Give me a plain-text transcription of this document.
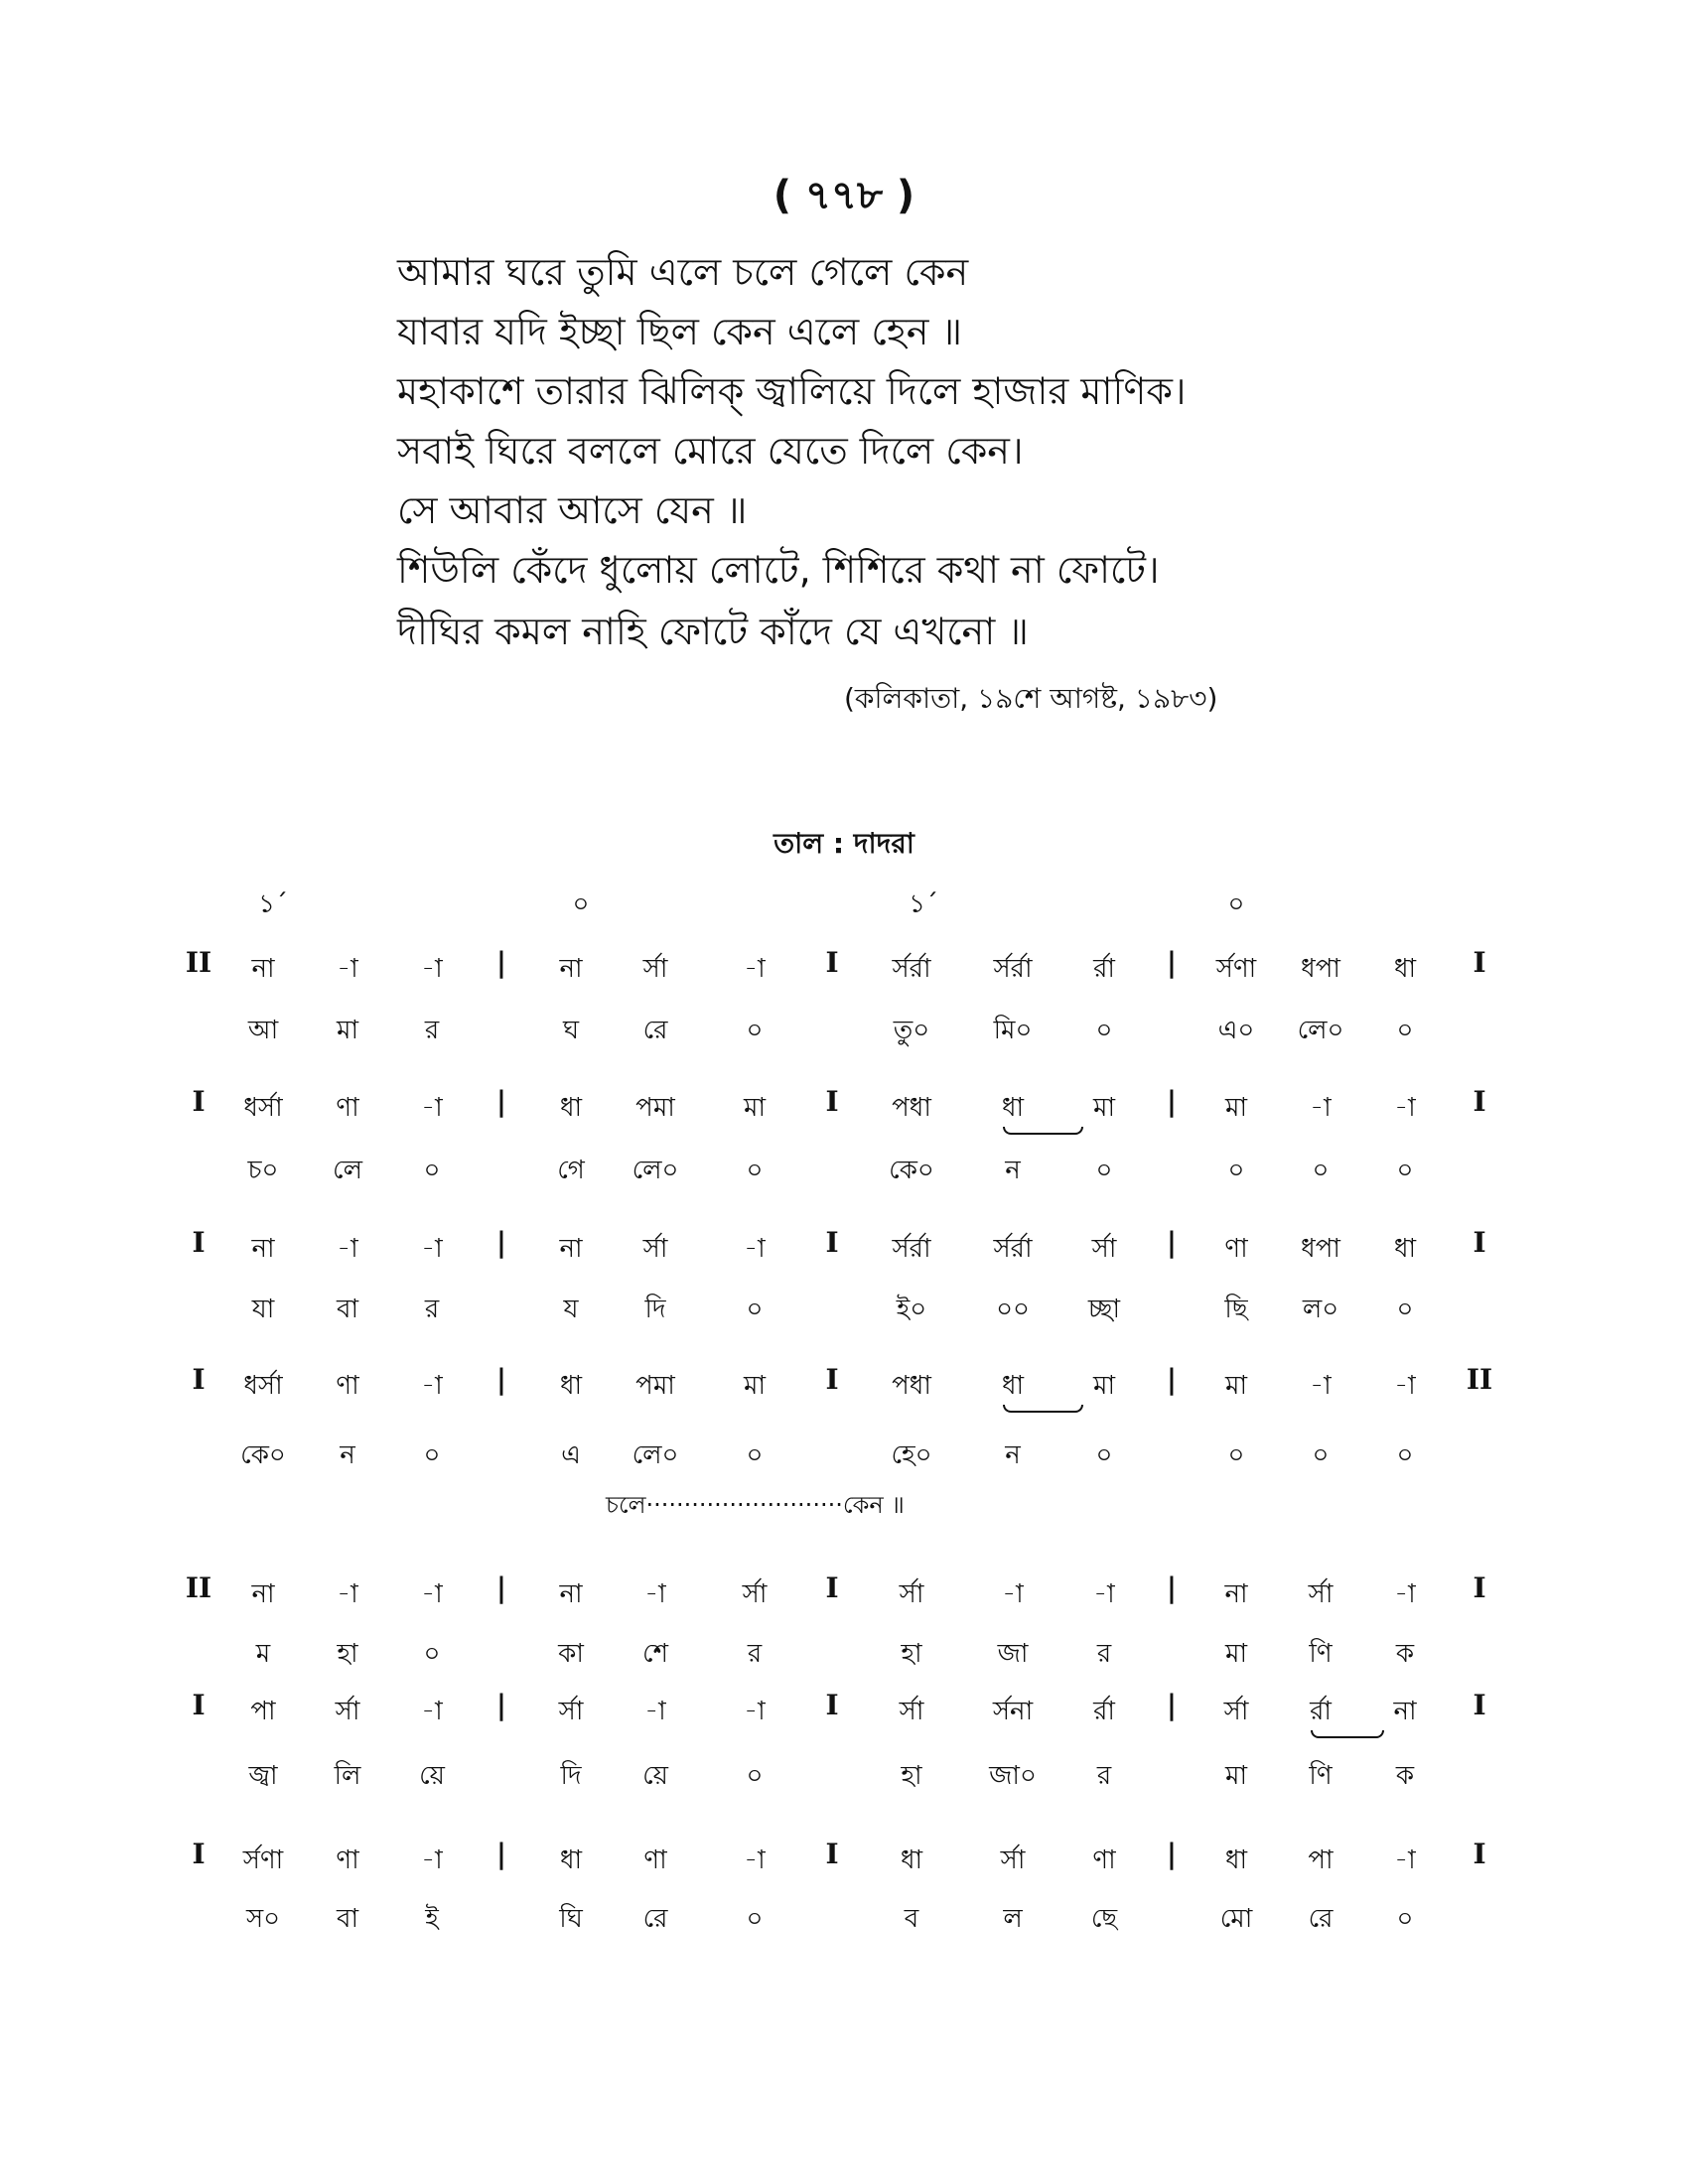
( ৭৭৮ )
আমার ঘরে তুমি এলে চলে গেলে কেন
যাবার যদি ইচ্ছা ছিল কেন এলে হেন ॥
মহাকাশে তারার ঝিলিক্ জ্বালিয়ে দিলে হাজার মাণিক।
সবাই ঘিরে বললে মোরে যেতে দিলে কেন।
সে আবার আসে যেন ॥
শিউলি কেঁদে ধুলোয় লোটে, শিশিরে কথা না ফোটে।
দীঘির কমল নাহি ফোটে কাঁদে যে এখনো ॥
(কলিকাতা, ১৯শে আগষ্ট, ১৯৮৩)
তাল : দাদরা
১´	০	১´	০
II	|	I	|	I
না -া -া	না র্সা	-া	র্সর্রা র্সর্রা র্রা	র্সণা ধপা ধা
আ মা	র	ঘ রে	০	তু০ মি০ ০	এ০ লে০ ০
I	|	I	|	I
ধর্সা ণা -া	ধা পমা	মা	পধা	ধা	মা	মা -া -া
চ০ লে ০	গে লে০	০	কে০	ন	০	০	০	০
I	|	I	|	I
না -া -া	না র্সা	-া	র্সর্রা র্সর্রা র্সা	ণা ধপা ধা
যা বা	র	য	দি	০	ই০	০০ চ্ছা	ছি ল০ ০
I	|	I	|	II
ধর্সা ণা -া	ধা পমা	মা	পধা	ধা	মা	মা -া -া
কে০ ন	০	এ লে০	০	হে০	ন	০	০	০	০
II	|	I	|	I
না -া -া	না -া	র্সা	র্সা	-া	-া	না র্সা -া
ম	হা	০	কা শে	র	হা	জা	র	মা ণি ক
I	|	I	|	I
পা র্সা -া	র্সা -া	-া	র্সা	র্সনা র্রা	র্সা র্রা না
জ্বা লি য়ে	দি য়ে	০	হা	জা০ র	মা ণি ক
I	|	I	|	I
র্সণা ণা -া	ধা ণা	-া	ধা	র্সা	ণা	ধা পা -া
স০ বা	ই	ঘি রে	০	ব	ল	ছে	মো রে ০
চলে··························কেন ॥
